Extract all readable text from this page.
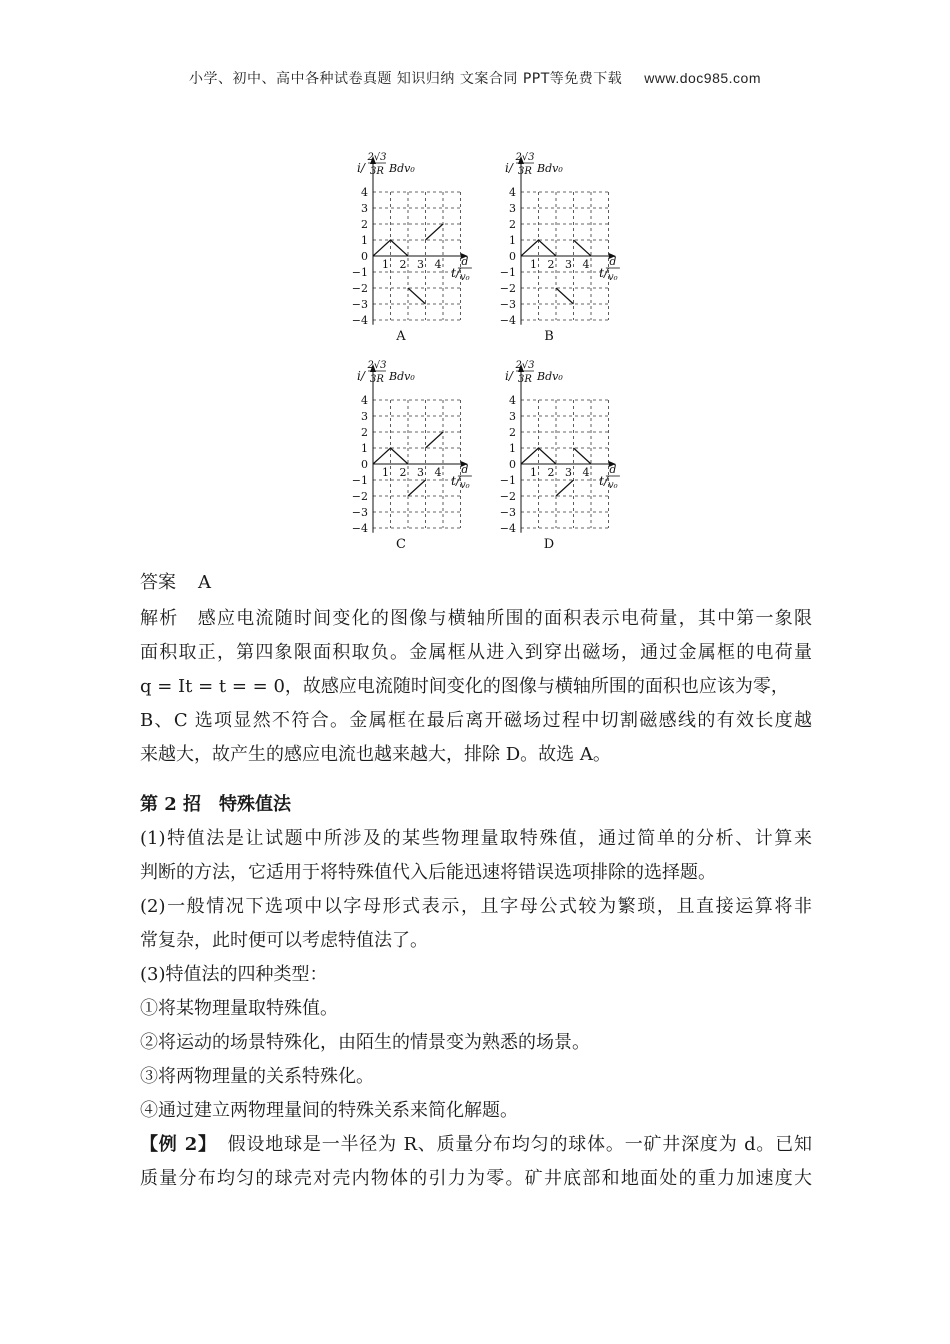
小学、初中、高中各种试卷真题 知识归纳 文案合同 PPT等免费下载 www.doc985.com
4
3
2
1
0
−1
−2
−3
−4
1 2 3 4
i/
2√3
3R Bdv₀
t/
d
v₀
A
4
3
2
1
0
−1
−2
−3
−4
1 2 3 4
i/
2√3
3R Bdv₀
t/
d
v₀
B
4
3
2
1
0
−1
−2
−3
−4
1 2 3 4
i/
2√3
3R Bdv₀
t/
d
v₀
C
4
3
2
1
0
−1
−2
−3
−4
1 2 3 4
i/
2√3
3R Bdv₀
t/
d
v₀
D
答案 A
解析 感应电流随时间变化的图像与横轴所围的面积表示电荷量，其中第一象限
面积取正，第四象限面积取负。金属框从进入到穿出磁场，通过金属框的电荷量
q = It = t = = 0，故感应电流随时间变化的图像与横轴所围的面积也应该为零，
B、C 选项显然不符合。金属框在最后离开磁场过程中切割磁感线的有效长度越
来越大，故产生的感应电流也越来越大，排除 D。故选 A。
第 2 招　特殊值法
(1)特值法是让试题中所涉及的某些物理量取特殊值，通过简单的分析、计算来
判断的方法，它适用于将特殊值代入后能迅速将错误选项排除的选择题。
(2)一般情况下选项中以字母形式表示，且字母公式较为繁琐，且直接运算将非
常复杂，此时便可以考虑特值法了。
(3)特值法的四种类型：
①将某物理量取特殊值。
②将运动的场景特殊化，由陌生的情景变为熟悉的场景。
③将两物理量的关系特殊化。
④通过建立两物理量间的特殊关系来简化解题。
【例 2】 假设地球是一半径为 R、质量分布均匀的球体。一矿井深度为 d。已知
质量分布均匀的球壳对壳内物体的引力为零。矿井底部和地面处的重力加速度大
